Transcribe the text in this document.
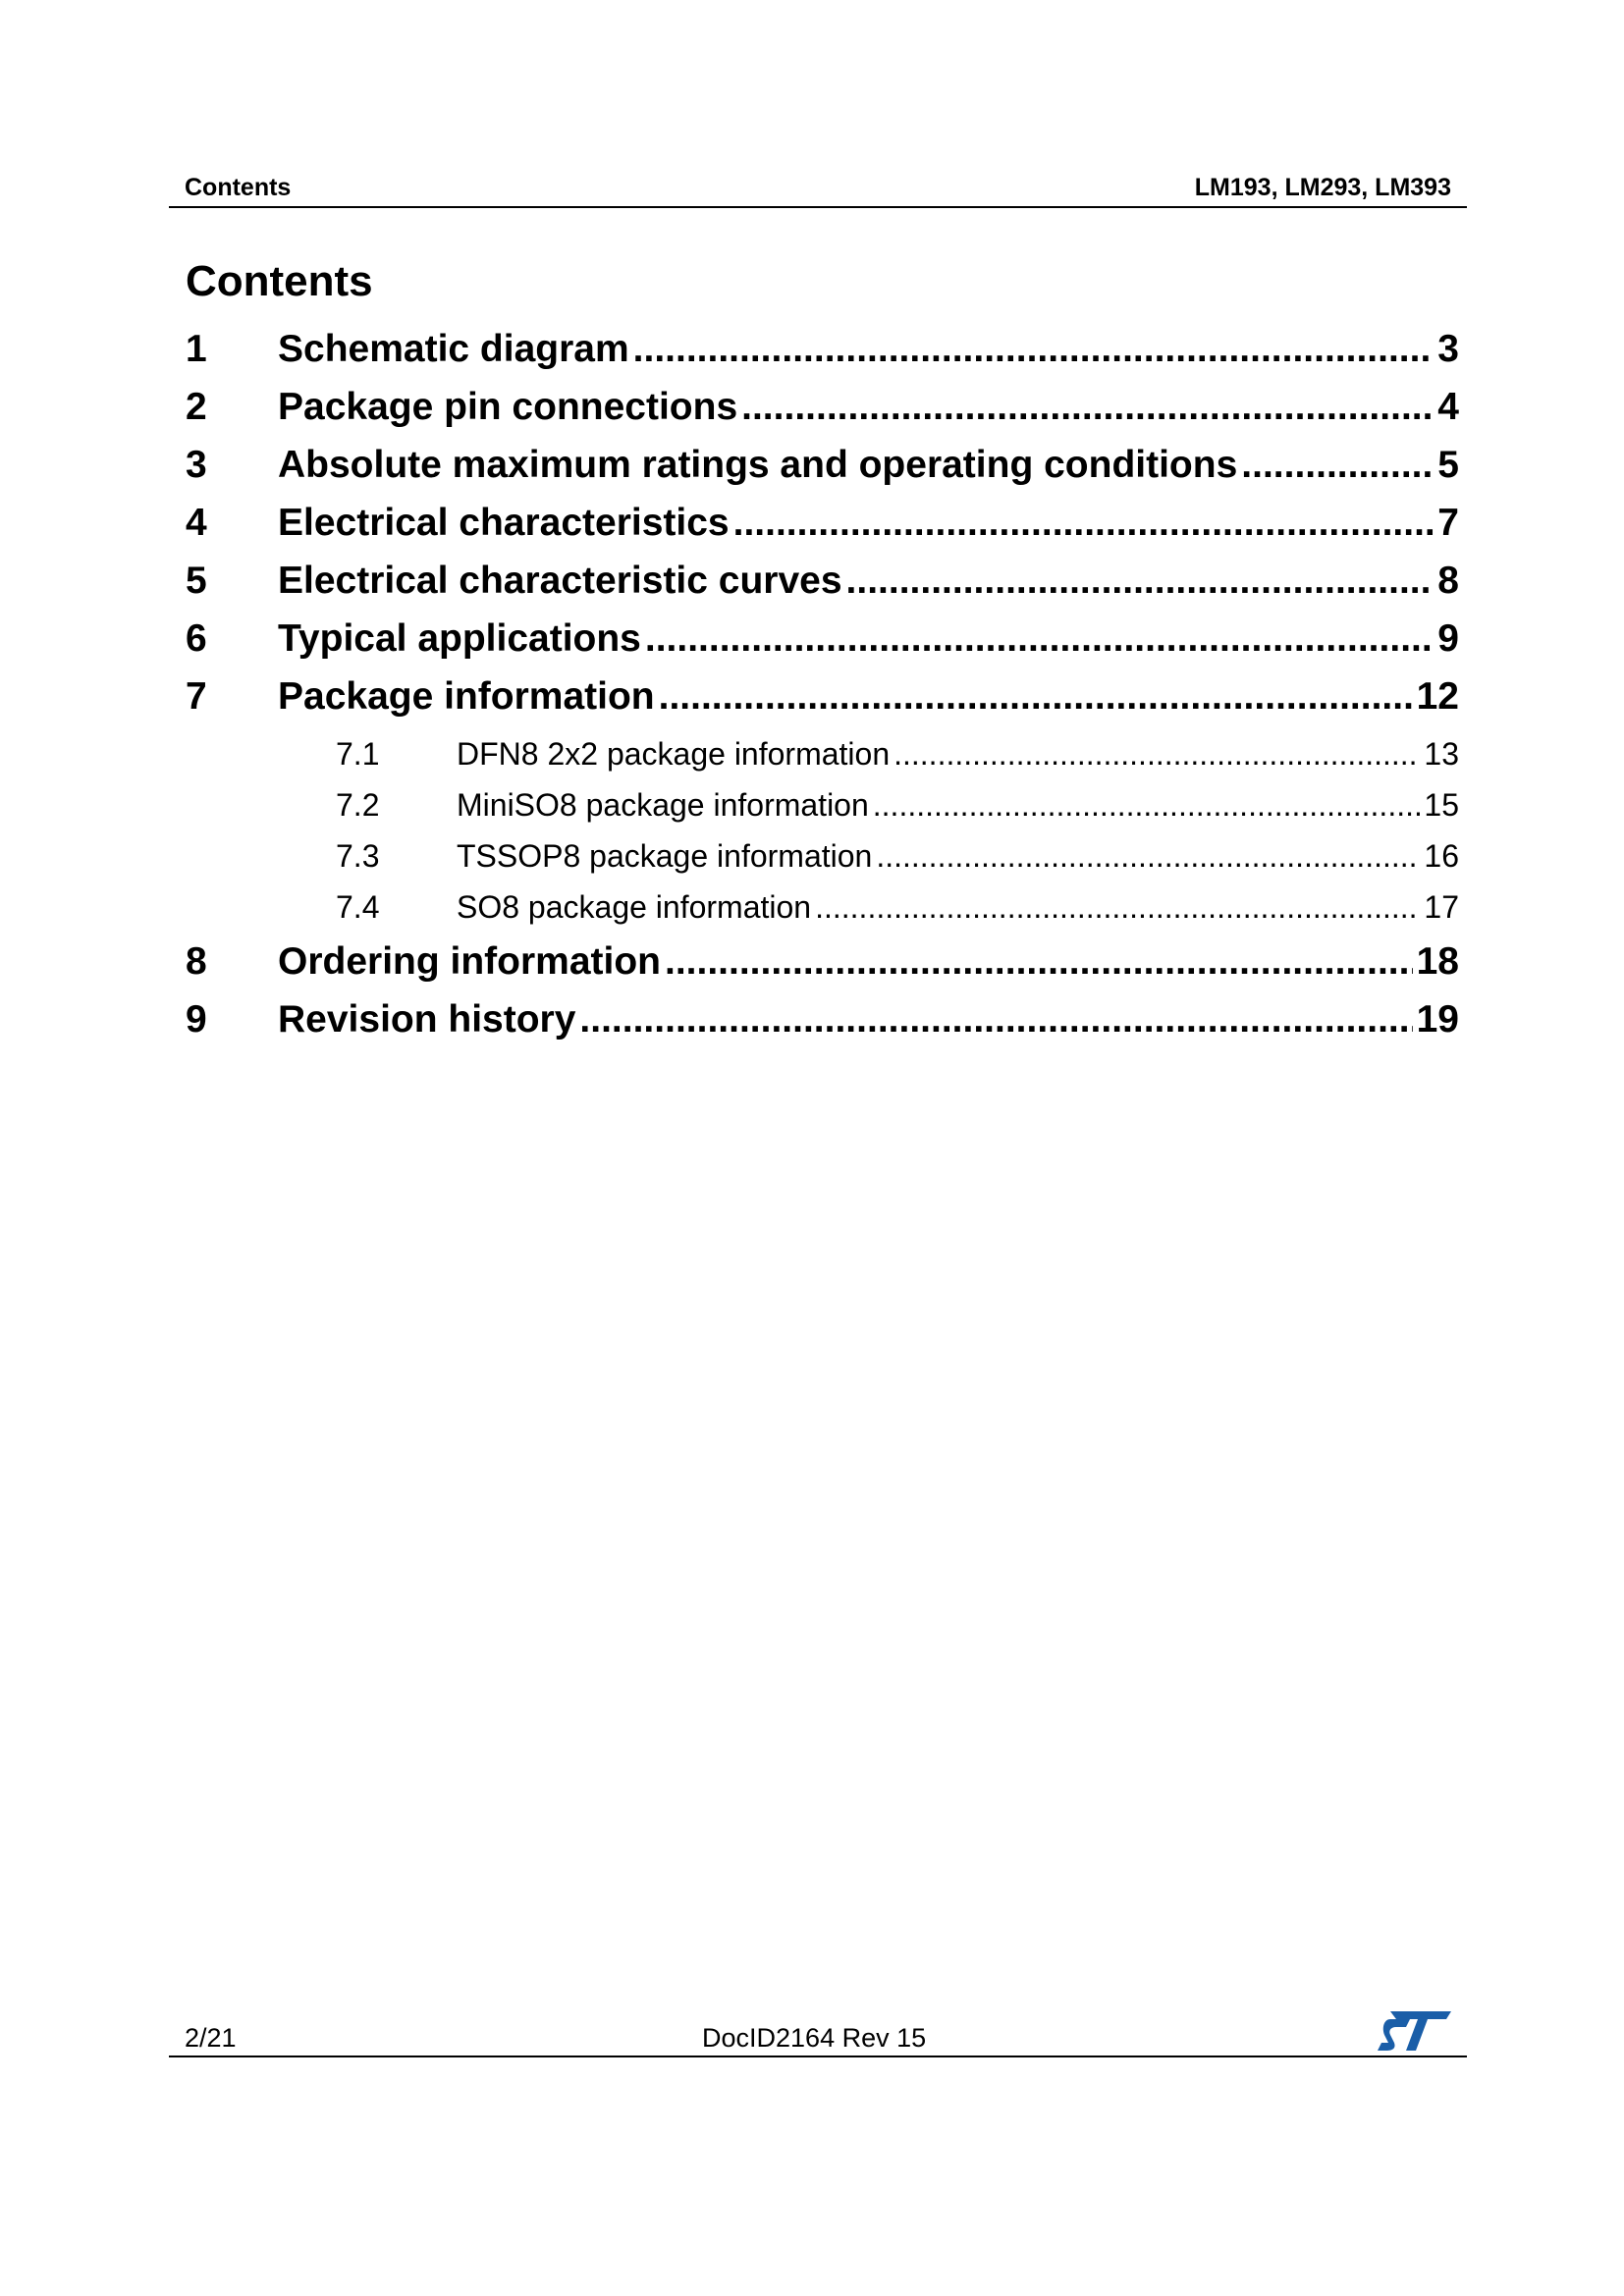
Contents	LM193, LM293, LM393
Contents
1	Schematic diagram .....	3
2	Package pin connections .....	4
3	Absolute maximum ratings and operating conditions .....	5
4	Electrical characteristics .....	7
5	Electrical characteristic curves .....	8
6	Typical applications .....	9
7	Package information .....	12
7.1	DFN8 2x2 package information .....	13
7.2	MiniSO8 package information .....	15
7.3	TSSOP8 package information .....	16
7.4	SO8 package information .....	17
8	Ordering information .....	18
9	Revision history .....	19
2/21	DocID2164 Rev 15
